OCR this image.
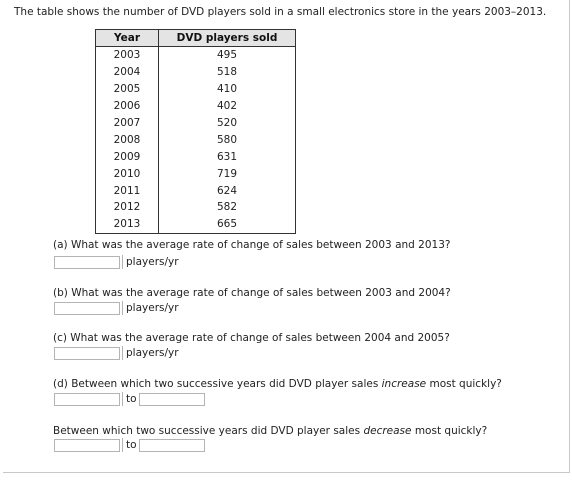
The table shows the number of DVD players sold in a small electronics store in the years 2003–2013.
Year	DVD players sold
2003	495
2004	518
2005	410
2006	402
2007	520
2008	580
2009	631
2010	719
2011	624
2012	582
2013	665
(a) What was the average rate of change of sales between 2003 and 2013?
players/yr
(b) What was the average rate of change of sales between 2003 and 2004?
players/yr
(c) What was the average rate of change of sales between 2004 and 2005?
players/yr
(d) Between which two successive years did DVD player sales increase most quickly?
to
Between which two successive years did DVD player sales decrease most quickly?
to
